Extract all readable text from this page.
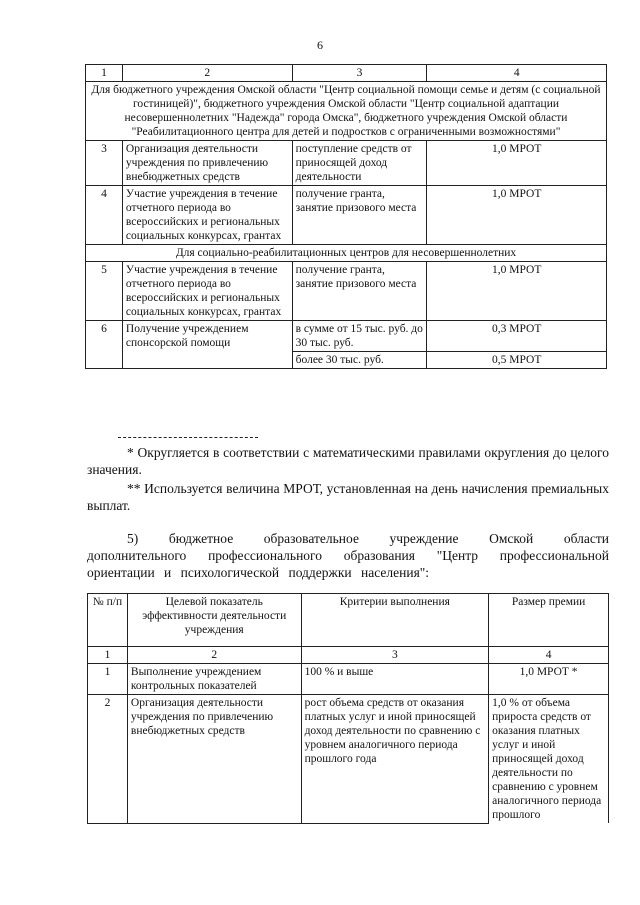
6
1	2	3	4
Для бюджетного учреждения Омской области "Центр социальной помощи семье и детям (с социальной гостиницей)", бюджетного учреждения Омской области "Центр социальной адаптации несовершеннолетних "Надежда" города Омска", бюджетного учреждения Омской области "Реабилитационного центра для детей и подростков с ограниченными возможностями"			
3	Организация деятельности учреждения по привлечению внебюджетных средств	поступление средств от приносящей доход деятельности	1,0 МРОТ
4	Участие учреждения в течение отчетного периода во всероссийских и региональных социальных конкурсах, грантах	получение гранта, занятие призового места	1,0 МРОТ
Для социально-реабилитационных центров для несовершеннолетних			
5	Участие учреждения в течение отчетного периода во всероссийских и региональных социальных конкурсах, грантах	получение гранта, занятие призового места	1,0 МРОТ
6	Получение учреждением спонсорской помощи	в сумме от 15 тыс. руб. до 30 тыс. руб.	0,3 МРОТ
		более 30 тыс. руб.	0,5 МРОТ
* Округляется в соответствии с математическими правилами округления до целого значения.
** Используется величина МРОТ, установленная на день начисления премиальных выплат.
5) бюджетное образовательное учреждение Омской области дополнительного профессионального образования "Центр профессиональной ориентации и психологической поддержки населения":
№ п/п	Целевой показатель эффективности деятельности учреждения	Критерии выполнения	Размер премии
1	2	3	4
1	Выполнение учреждением контрольных показателей	100 % и выше	1,0 МРОТ *
2	Организация деятельности учреждения по привлечению внебюджетных средств	рост объема средств от оказания платных услуг и иной приносящей доход деятельности по сравнению с уровнем аналогичного периода прошлого года	1,0 % от объема прироста средств от оказания платных услуг и иной приносящей доход деятельности по сравнению с уровнем аналогичного периода прошлого
